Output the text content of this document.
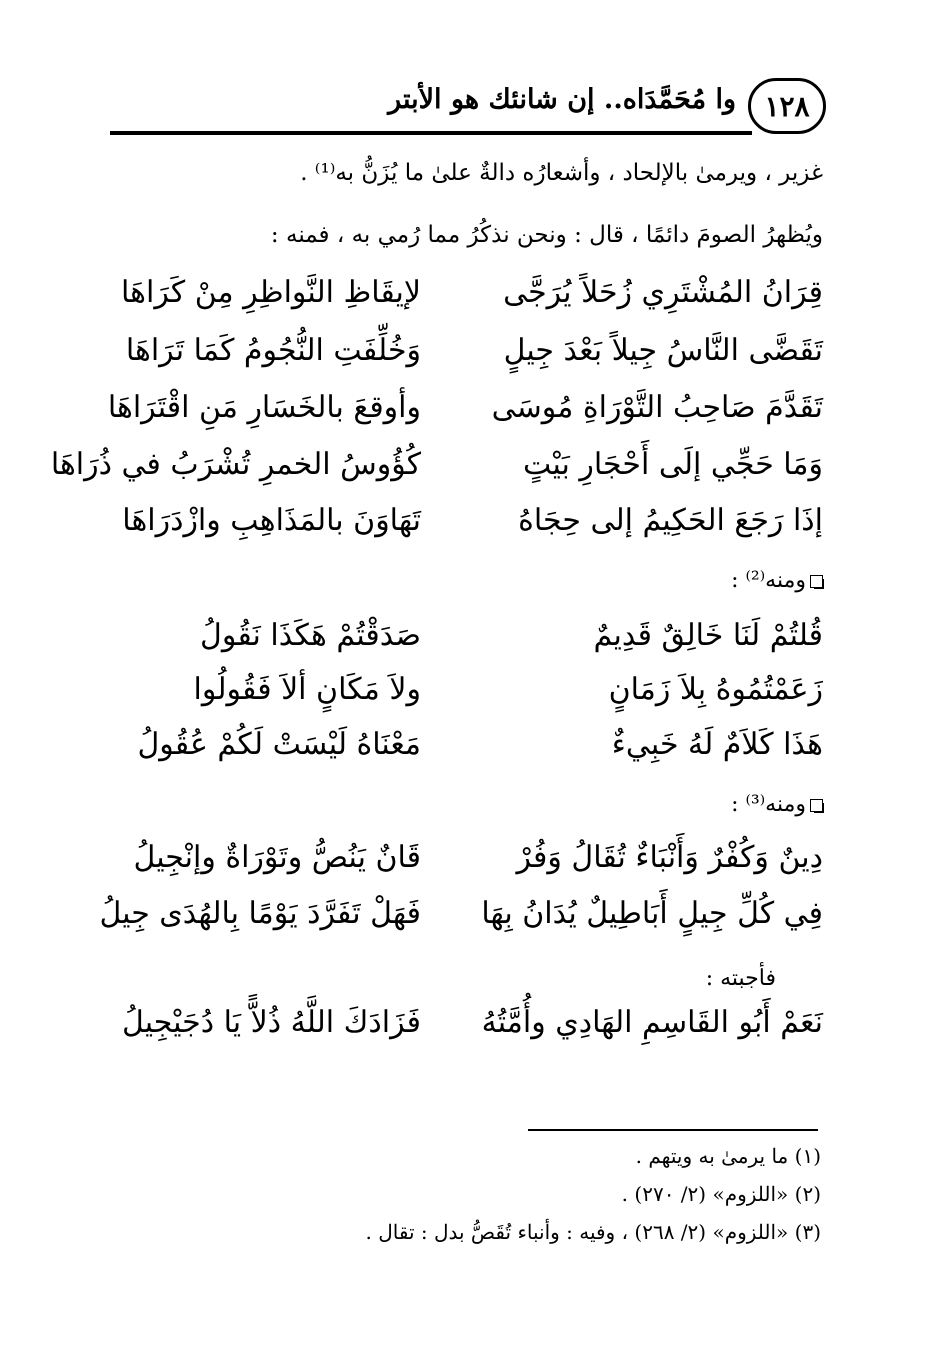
١٢٨
وا مُحَمَّدَاه.. إن شانئك هو الأبتر
غزير ، ويرمىٰ بالإلحاد ، وأشعارُه دالةٌ علىٰ ما يُزَنُّ به⁽¹⁾ .
ويُظهرُ الصومَ دائمًا ، قال : ونحن نذكُرُ مما رُمي به ، فمنه :
قِرَانُ المُشْتَرِي زُحَلاً يُرَجَّى
لإيقَاظِ النَّواظِرِ مِنْ كَرَاهَا
تَقَضَّى النَّاسُ جِيلاً بَعْدَ جِيلٍ
وَخُلِّفَتِ النُّجُومُ كَمَا تَرَاهَا
تَقَدَّمَ صَاحِبُ التَّوْرَاةِ مُوسَى
وأوقعَ بالخَسَارِ مَنِ اقْتَرَاهَا
وَمَا حَجِّي إلَى أَحْجَارِ بَيْتٍ
كُؤُوسُ الخمرِ تُشْرَبُ في ذُرَاهَا
إذَا رَجَعَ الحَكِيمُ إلى حِجَاهُ
تَهَاوَنَ بالمَذَاهِبِ وازْدَرَاهَا
ومنه⁽²⁾ :
قُلتُمْ لَنَا خَالِقٌ قَدِيمٌ
صَدَقْتُمْ هَكَذَا نَقُولُ
زَعَمْتُمُوهُ بِلاَ زَمَانٍ
ولاَ مَكَانٍ ألاَ فَقُولُوا
هَذَا كَلاَمٌ لَهُ خَبِيءٌ
مَعْنَاهُ لَيْسَتْ لَكُمْ عُقُولُ
ومنه⁽³⁾ :
دِينٌ وَكُفْرٌ وَأَنْبَاءٌ تُقَالُ وَفُرْ
قَانٌ يَنُصُّ وتَوْرَاةٌ وإنْجِيلُ
فِي كُلِّ جِيلٍ أَبَاطِيلٌ يُدَانُ بِهَا
فَهَلْ تَفَرَّدَ يَوْمًا بِالهُدَى جِيلُ
فأجبته :
نَعَمْ أَبُو القَاسِمِ الهَادِي وأُمَّتُهُ
فَزَادَكَ اللَّهُ ذُلاًّ يَا دُجَيْجِيلُ
(١) ما يرمىٰ به ويتهم .
(٢) «اللزوم» (٢/ ٢٧٠) .
(٣) «اللزوم» (٢/ ٢٦٨) ، وفيه : وأنباء تُقَصُّ بدل : تقال .
